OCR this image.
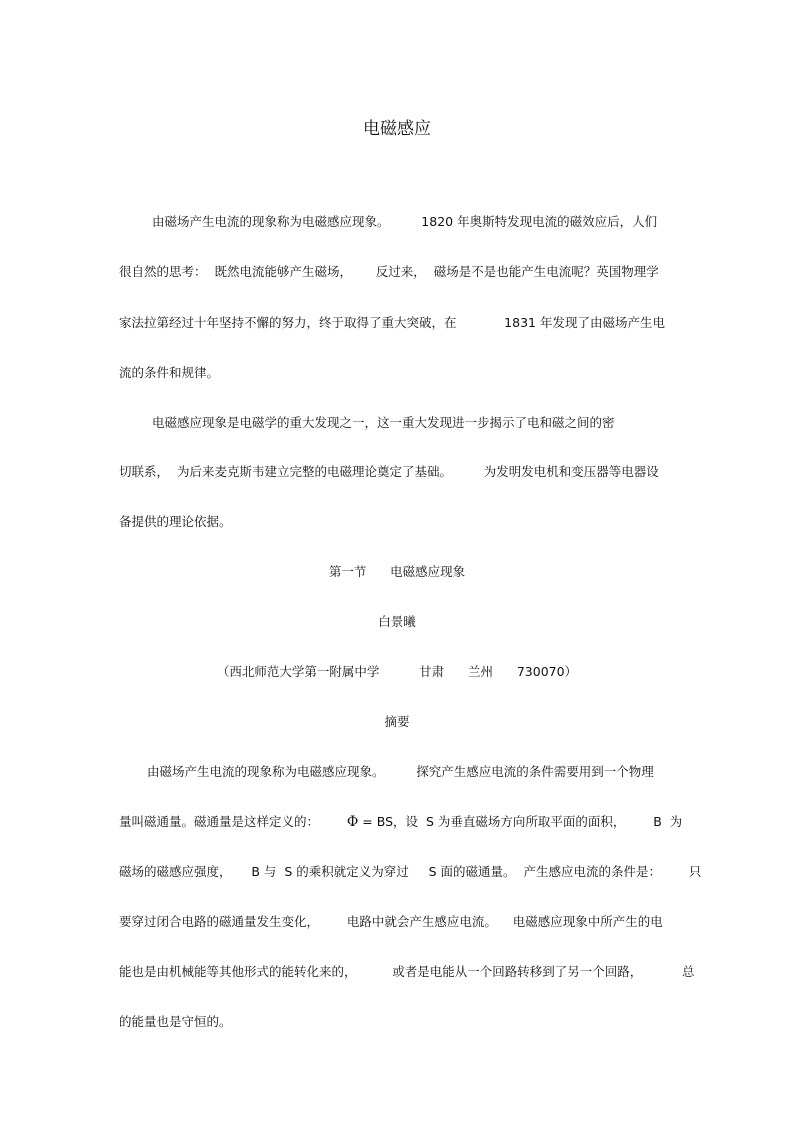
电磁感应
由磁场产生电流的现象称为电磁感应现象。        1820 年奥斯特发现电流的磁效应后，人们
很自然的思考：  既然电流能够产生磁场，      反过来，  磁场是不是也能产生电流呢？英国物理学
家法拉第经过十年坚持不懈的努力，终于取得了重大突破，在            1831 年发现了由磁场产生电
流的条件和规律。
电磁感应现象是电磁学的重大发现之一，这一重大发现进一步揭示了电和磁之间的密
切联系，  为后来麦克斯韦建立完整的电磁理论奠定了基础。        为发明发电机和变压器等电器设
备提供的理论依据。
第一节      电磁感应现象
白景曦
（西北师范大学第一附属中学          甘肃      兰州      730070）
摘要
由磁场产生电流的现象称为电磁感应现象。        探究产生感应电流的条件需要用到一个物理
量叫磁通量。磁通量是这样定义的：       Φ = BS，设  S 为垂直磁场方向所取平面的面积，       B  为
磁场的磁感应强度，     B 与  S 的乘积就定义为穿过     S 面的磁通量。  产生感应电流的条件是：       只
要穿过闭合电路的磁通量发生变化，       电路中就会产生感应电流。    电磁感应现象中所产生的电
能也是由机械能等其他形式的能转化来的，         或者是电能从一个回路转移到了另一个回路，          总
的能量也是守恒的。
